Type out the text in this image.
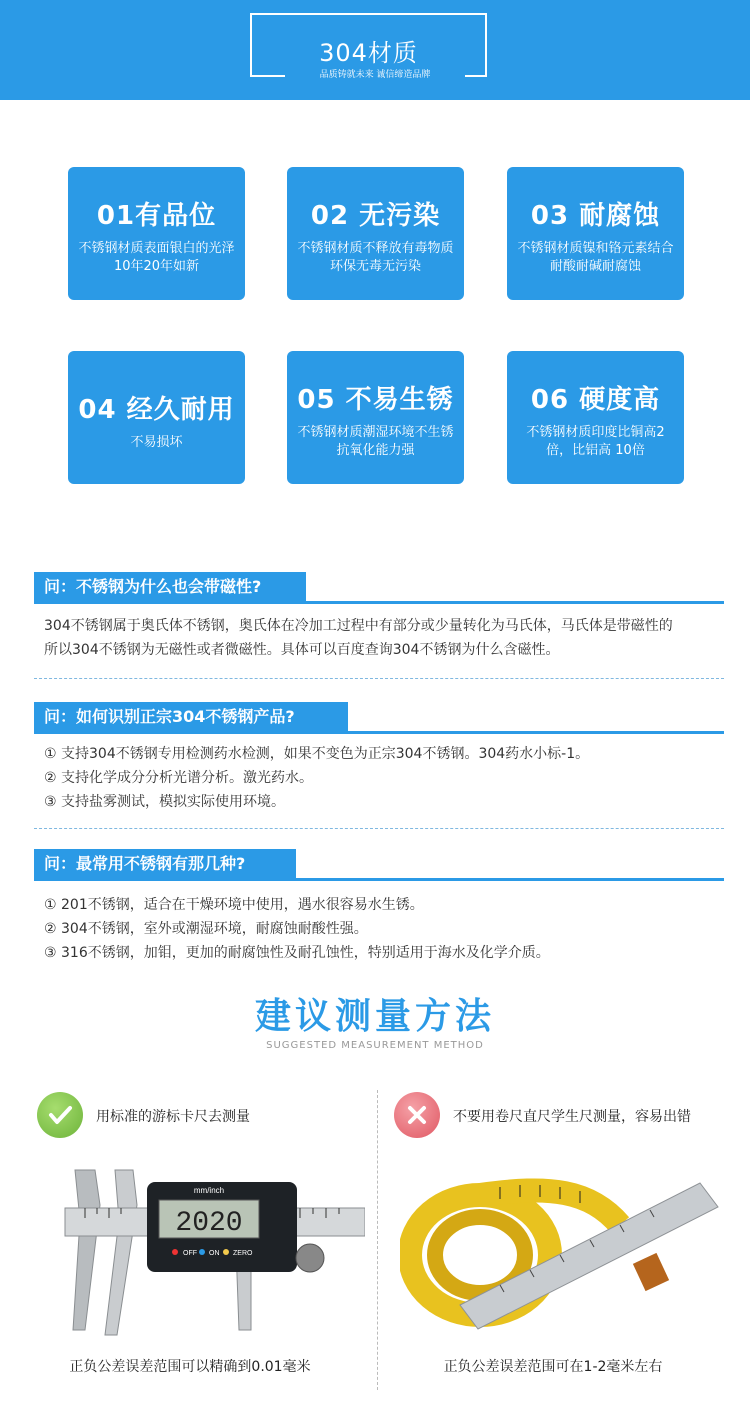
304材质
品质铸就未来 诚信缔造品牌
01有品位
不锈钢材质表面银白的光泽10年20年如新
02 无污染
不锈钢材质不释放有毒物质环保无毒无污染
03 耐腐蚀
不锈钢材质镍和铬元素结合耐酸耐碱耐腐蚀
04 经久耐用
不易损坏
05 不易生锈
不锈钢材质潮湿环境不生锈抗氧化能力强
06 硬度高
不锈钢材质印度比铜高2倍，比铝高 10倍
问：不锈钢为什么也会带磁性?
304不锈钢属于奥氏体不锈钢，奥氏体在冷加工过程中有部分或少量转化为马氏体，马氏体是带磁性的
所以304不锈钢为无磁性或者微磁性。具体可以百度查询304不锈钢为什么含磁性。
问：如何识别正宗304不锈钢产品?
① 支持304不锈钢专用检测药水检测，如果不变色为正宗304不锈钢。304药水小标-1。
② 支持化学成分分析光谱分析。激光药水。
③ 支持盐雾测试，模拟实际使用环境。
问：最常用不锈钢有那几种?
① 201不锈钢，适合在干燥环境中使用，遇水很容易水生锈。
② 304不锈钢，室外或潮湿环境，耐腐蚀耐酸性强。
③ 316不锈钢，加钼，更加的耐腐蚀性及耐孔蚀性，特别适用于海水及化学介质。
建议测量方法
SUGGESTED MEASUREMENT METHOD
用标准的游标卡尺去测量
2020
mm/inch
OFF ON ZERO
正负公差误差范围可以精确到0.01毫米
不要用卷尺直尺学生尺测量，容易出错
正负公差误差范围可在1-2毫米左右
